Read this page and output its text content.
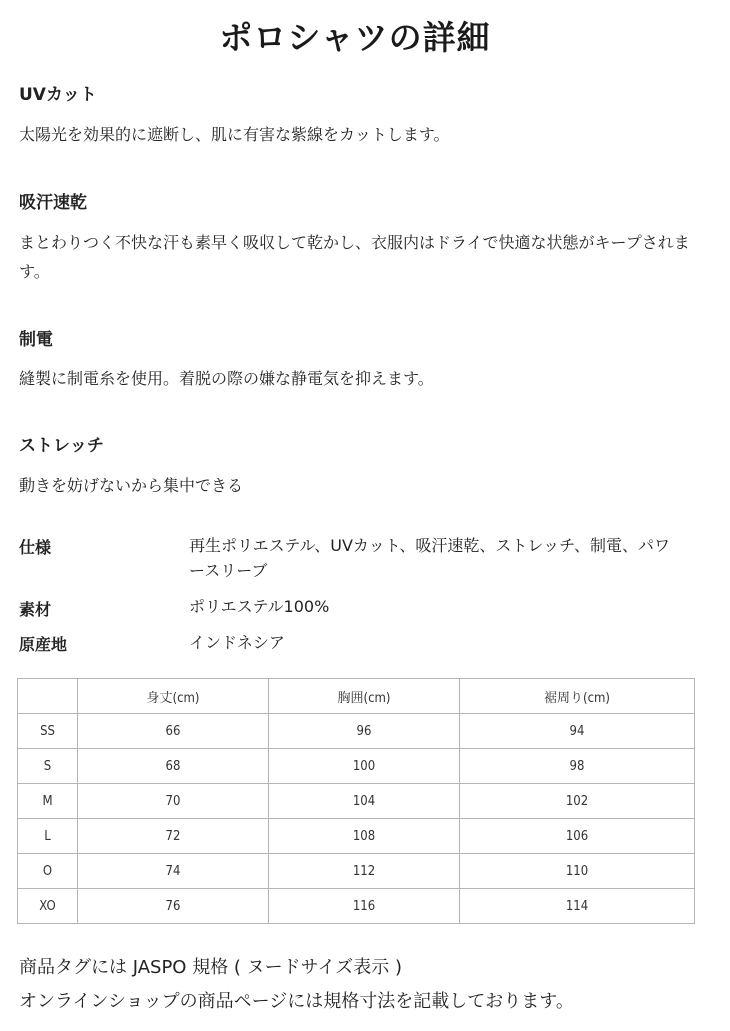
ポロシャツの詳細
UVカット
太陽光を効果的に遮断し、肌に有害な紫線をカットします。
吸汗速乾
まとわりつく不快な汗も素早く吸収して乾かし、衣服内はドライで快適な状態がキープされます。
制電
縫製に制電糸を使用。着脱の際の嫌な静電気を抑えます。
ストレッチ
動きを妨げないから集中できる
仕様	再生ポリエステル、UVカット、吸汗速乾、ストレッチ、制電、パワースリーブ
素材	ポリエステル100%
原産地	インドネシア
	身丈(cm)	胸囲(cm)	裾周り(cm)
SS	66	96	94
S	68	100	98
M	70	104	102
L	72	108	106
O	74	112	110
XO	76	116	114
商品タグには JASPO 規格 ( ヌードサイズ表示 )
オンラインショップの商品ページには規格寸法を記載しております。
